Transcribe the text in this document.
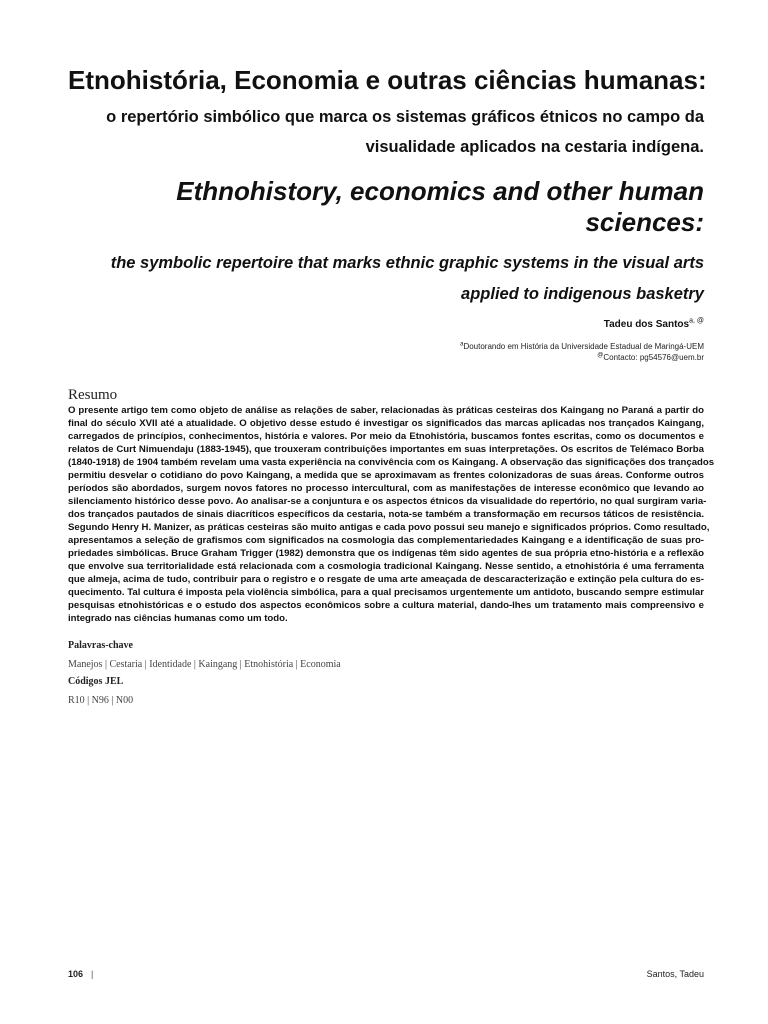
Etnohistória, Economia e outras ciências humanas:
o repertório simbólico que marca os sistemas gráficos étnicos no campo da
visualidade aplicados na cestaria indígena.
Ethnohistory, economics and other human
sciences:
the symbolic repertoire that marks ethnic graphic systems in the visual arts
applied to indigenous basketry
Tadeu dos Santos$^{a, @}$
$^a$Doutorando em História da Universidade Estadual de Maringá-UEM
@Contacto: pg54576@uem.br
Resumo
O presente artigo tem como objeto de análise as relações de saber, relacionadas às práticas cesteiras dos Kaingang no Paraná a partir do
final do século XVII até a atualidade. O objetivo desse estudo é investigar os significados das marcas aplicadas nos trançados Kaingang,
carregados de princípios, conhecimentos, história e valores. Por meio da Etnohistória, buscamos fontes escritas, como os documentos e
relatos de Curt Nimuendaju (1883-1945), que trouxeram contribuições importantes em suas interpretações. Os escritos de Telémaco Borba
(1840-1918) de 1904 também revelam uma vasta experiência na convivência com os Kaingang. A observação das significações dos trançados
permitiu desvelar o cotidiano do povo Kaingang, a medida que se aproximavam as frentes colonizadoras de suas áreas. Conforme outros
períodos são abordados, surgem novos fatores no processo intercultural, com as manifestações de interesse econômico que levando ao
silenciamento histórico desse povo. Ao analisar-se a conjuntura e os aspectos étnicos da visualidade do repertório, no qual surgiram varia-
dos trançados pautados de sinais diacríticos específicos da cestaria, nota-se também a transformação em recursos táticos de resistência.
Segundo Henry H. Manizer, as práticas cesteiras são muito antigas e cada povo possui seu manejo e significados próprios. Como resultado,
apresentamos a seleção de grafismos com significados na cosmologia das complementariedades Kaingang e a identificação de suas pro-
priedades simbólicas. Bruce Graham Trigger (1982) demonstra que os indígenas têm sido agentes de sua própria etno-história e a reflexão
que envolve sua territorialidade está relacionada com a cosmologia tradicional Kaingang. Nesse sentido, a etnohistória é uma ferramenta
que almeja, acima de tudo, contribuir para o registro e o resgate de uma arte ameaçada de descaracterização e extinção pela cultura do es-
quecimento. Tal cultura é imposta pela violência simbólica, para a qual precisamos urgentemente um antidoto, buscando sempre estimular
pesquisas etnohistóricas e o estudo dos aspectos econômicos sobre a cultura material, dando-lhes um tratamento mais compreensivo e
integrado nas ciências humanas como um todo.
Palavras-chave
Manejos | Cestaria | Identidade | Kaingang | Etnohistória | Economia
Códigos JEL
R10 | N96 | N00
106 |	Santos, Tadeu
